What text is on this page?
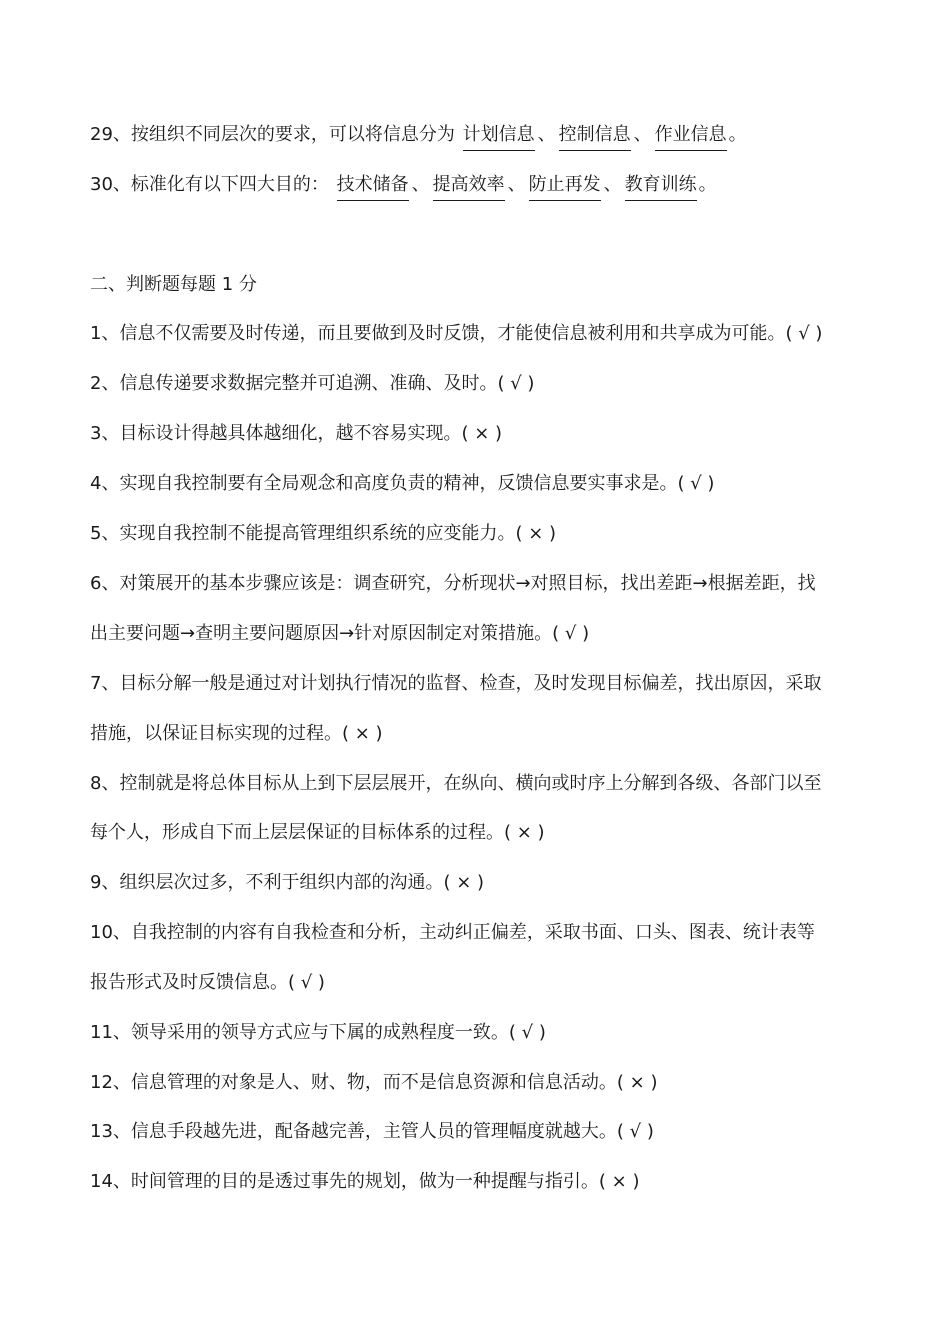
29、按组织不同层次的要求，可以将信息分为 计划信息 、 控制信息 、 作业信息 。
30、标准化有以下四大目的： 技术储备 、 提高效率 、 防止再发 、 教育训练 。
二、判断题每题 1 分
1、信息不仅需要及时传递，而且要做到及时反馈，才能使信息被利用和共享成为可能。( √ )
2、信息传递要求数据完整并可追溯、准确、及时。( √ )
3、目标设计得越具体越细化，越不容易实现。( × )
4、实现自我控制要有全局观念和高度负责的精神，反馈信息要实事求是。( √ )
5、实现自我控制不能提高管理组织系统的应变能力。( × )
6、对策展开的基本步骤应该是：调查研究，分析现状→对照目标，找出差距→根据差距，找
出主要问题→查明主要问题原因→针对原因制定对策措施。( √ )
7、目标分解一般是通过对计划执行情况的监督、检查，及时发现目标偏差，找出原因，采取
措施，以保证目标实现的过程。( × )
8、控制就是将总体目标从上到下层层展开，在纵向、横向或时序上分解到各级、各部门以至
每个人，形成自下而上层层保证的目标体系的过程。( × )
9、组织层次过多，不利于组织内部的沟通。( × )
10、自我控制的内容有自我检查和分析，主动纠正偏差，采取书面、口头、图表、统计表等
报告形式及时反馈信息。( √ )
11、领导采用的领导方式应与下属的成熟程度一致。( √ )
12、信息管理的对象是人、财、物，而不是信息资源和信息活动。( × )
13、信息手段越先进，配备越完善，主管人员的管理幅度就越大。( √ )
14、时间管理的目的是透过事先的规划，做为一种提醒与指引。( × )
